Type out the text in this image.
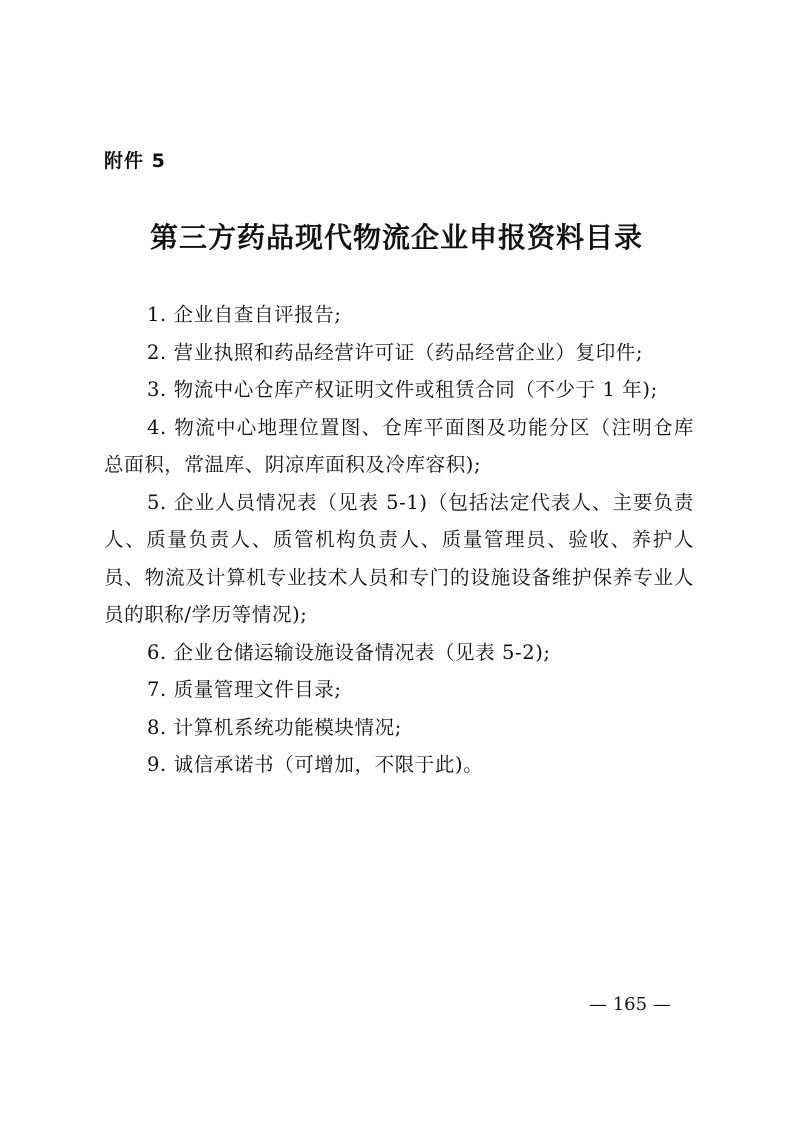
附件 5
第三方药品现代物流企业申报资料目录
1. 企业自查自评报告;
2. 营业执照和药品经营许可证（药品经营企业）复印件;
3. 物流中心仓库产权证明文件或租赁合同（不少于 1 年);
4. 物流中心地理位置图、仓库平面图及功能分区（注明仓库总面积，常温库、阴凉库面积及冷库容积);
5. 企业人员情况表（见表 5-1)（包括法定代表人、主要负责人、质量负责人、质管机构负责人、质量管理员、验收、养护人员、物流及计算机专业技术人员和专门的设施设备维护保养专业人员的职称/学历等情况);
6. 企业仓储运输设施设备情况表（见表 5-2);
7. 质量管理文件目录;
8. 计算机系统功能模块情况;
9. 诚信承诺书（可增加，不限于此)。
— 165 —
